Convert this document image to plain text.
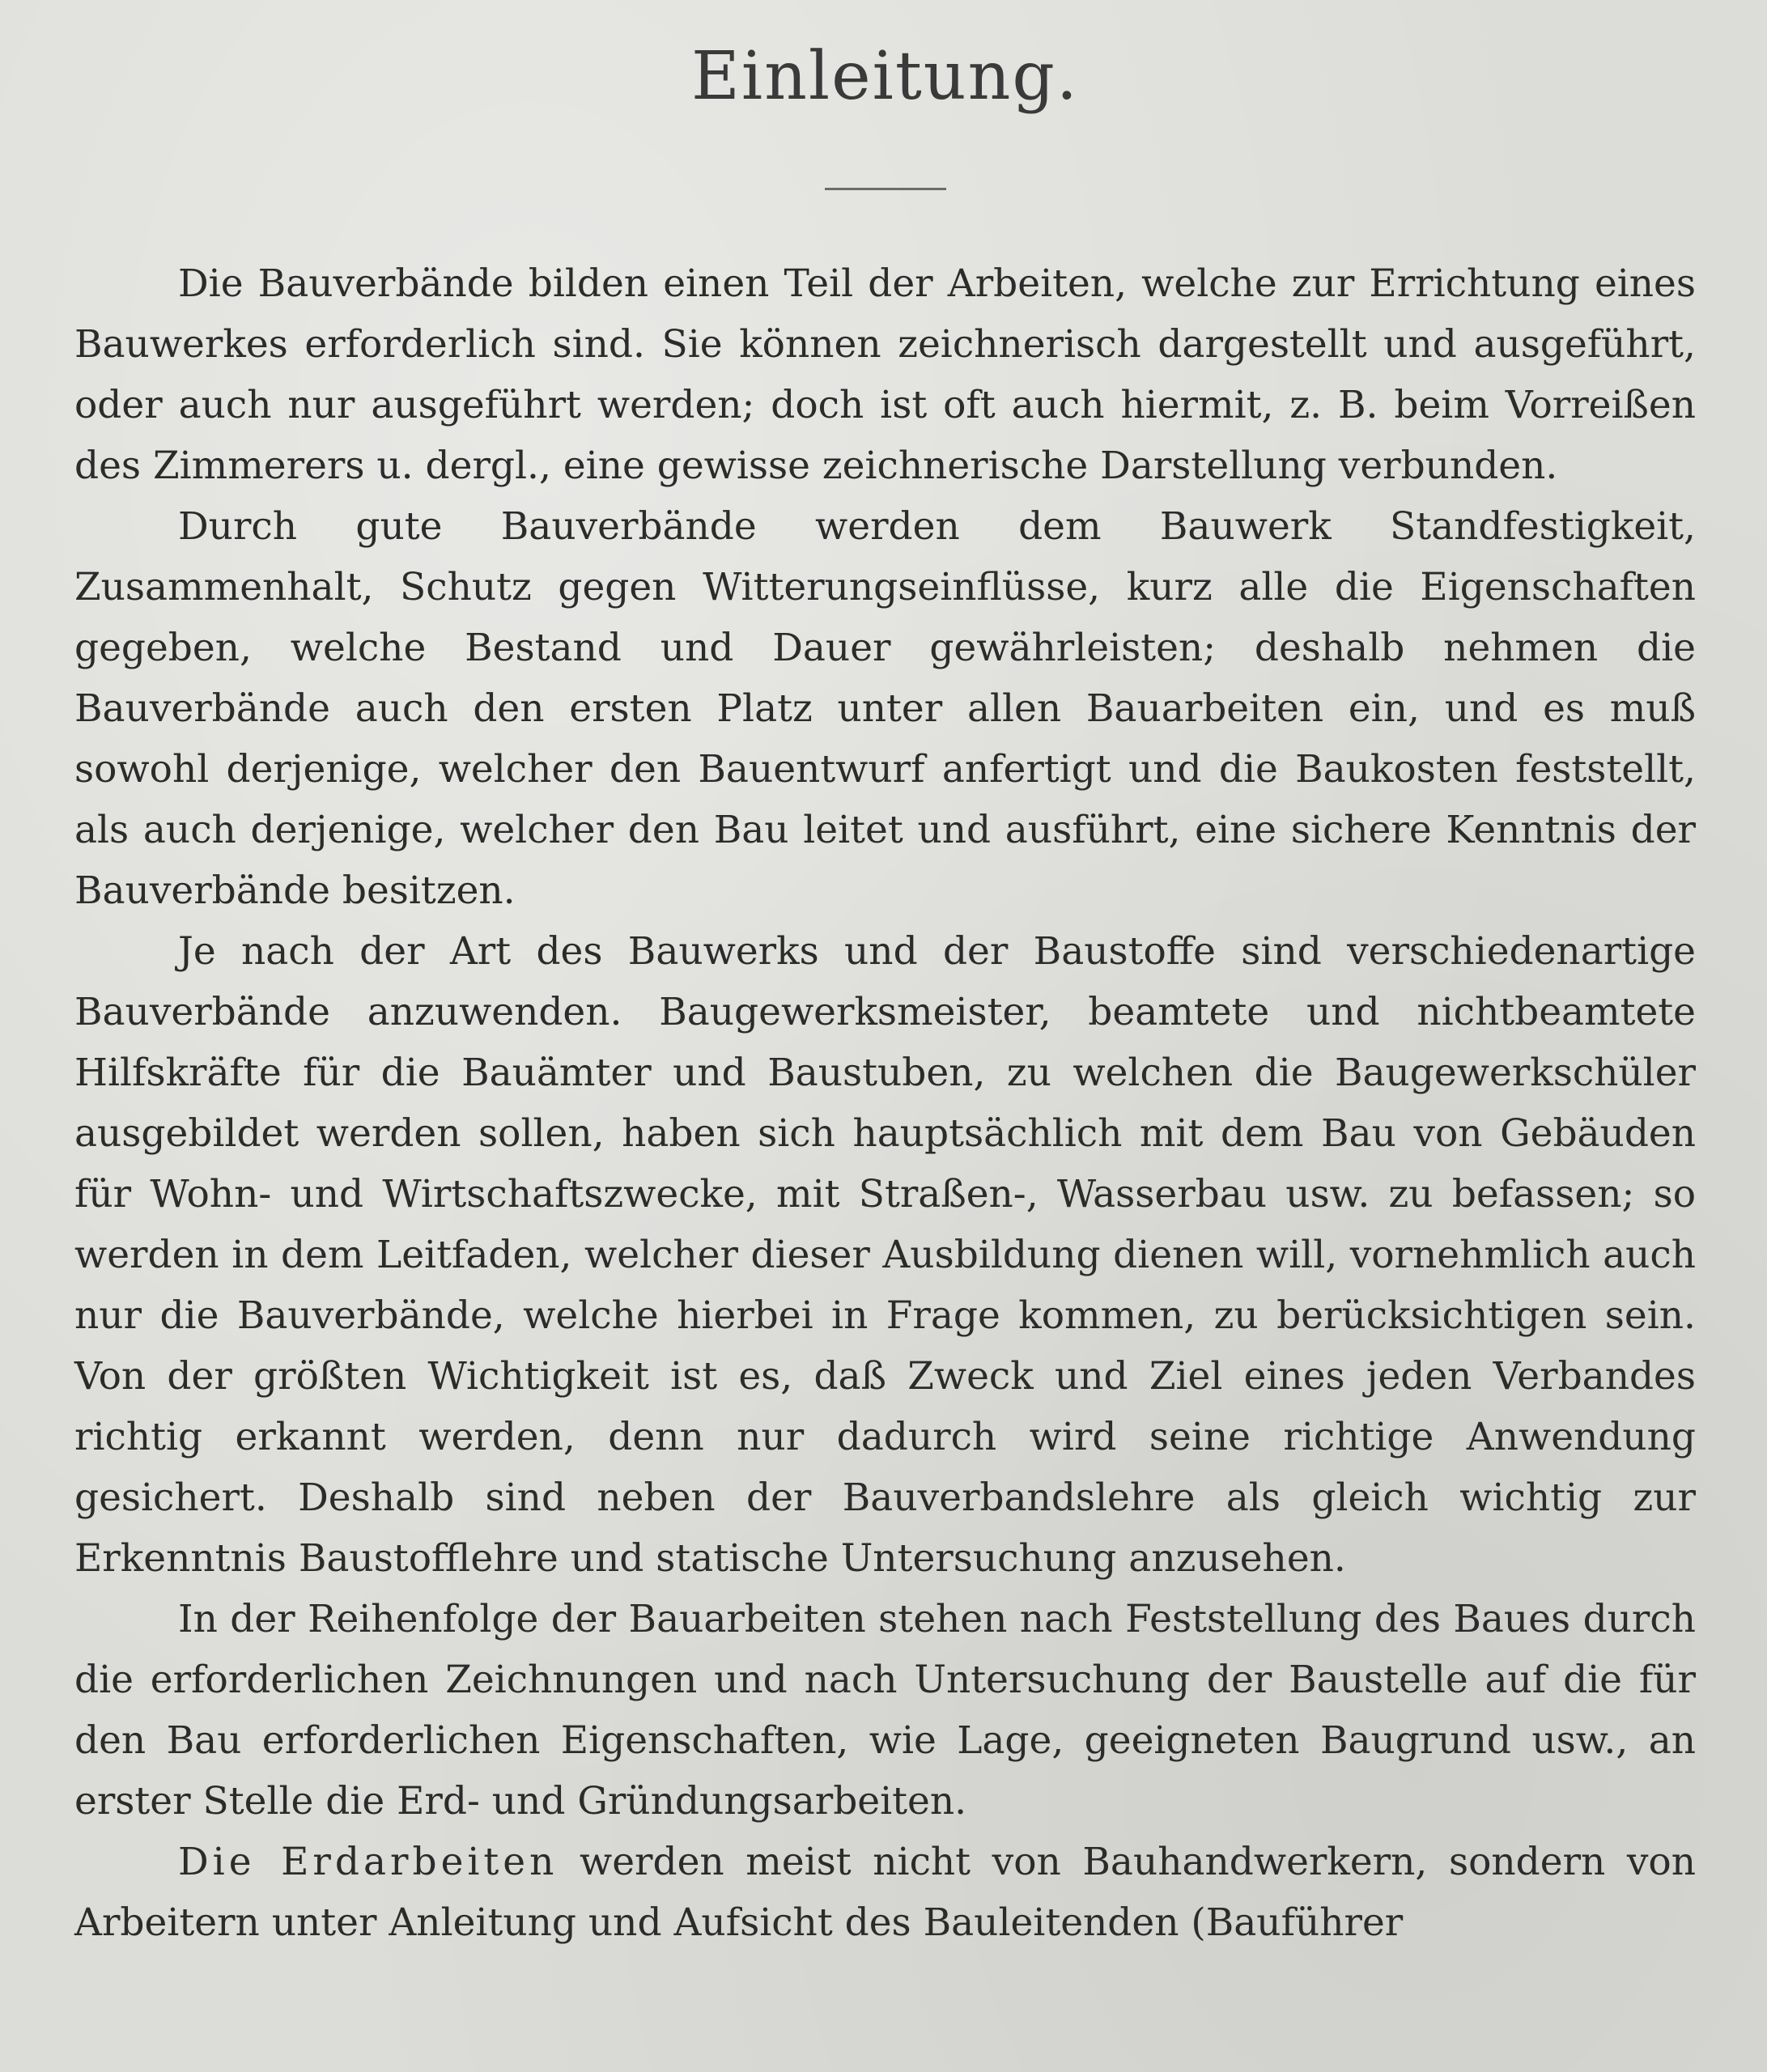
Einleitung.

Die Bauverbände bilden einen Teil der Arbeiten, welche zur Errichtung eines Bauwerkes erforderlich sind. Sie können zeichnerisch dargestellt und ausgeführt, oder auch nur ausgeführt werden; doch ist oft auch hiermit, z. B. beim Vorreißen des Zimmerers u. dergl., eine gewisse zeichnerische Darstellung verbunden.

Durch gute Bauverbände werden dem Bauwerk Standfestigkeit, Zusammenhalt, Schutz gegen Witterungseinflüsse, kurz alle die Eigenschaften gegeben, welche Bestand und Dauer gewährleisten; deshalb nehmen die Bauverbände auch den ersten Platz unter allen Bauarbeiten ein, und es muß sowohl derjenige, welcher den Bauentwurf anfertigt und die Baukosten feststellt, als auch derjenige, welcher den Bau leitet und ausführt, eine sichere Kenntnis der Bauverbände besitzen.

Je nach der Art des Bauwerks und der Baustoffe sind verschiedenartige Bauverbände anzuwenden. Baugewerksmeister, beamtete und nichtbeamtete Hilfskräfte für die Bauämter und Baustuben, zu welchen die Baugewerkschüler ausgebildet werden sollen, haben sich hauptsächlich mit dem Bau von Gebäuden für Wohn- und Wirtschaftszwecke, mit Straßen-, Wasserbau usw. zu befassen; so werden in dem Leitfaden, welcher dieser Ausbildung dienen will, vornehmlich auch nur die Bauverbände, welche hierbei in Frage kommen, zu berücksichtigen sein. Von der größten Wichtigkeit ist es, daß Zweck und Ziel eines jeden Verbandes richtig erkannt werden, denn nur dadurch wird seine richtige Anwendung gesichert. Deshalb sind neben der Bauverbandslehre als gleich wichtig zur Erkenntnis Baustofflehre und statische Untersuchung anzusehen.

In der Reihenfolge der Bauarbeiten stehen nach Feststellung des Baues durch die erforderlichen Zeichnungen und nach Untersuchung der Baustelle auf die für den Bau erforderlichen Eigenschaften, wie Lage, geeigneten Baugrund usw., an erster Stelle die Erd- und Gründungsarbeiten.

Die Erdarbeiten werden meist nicht von Bauhandwerkern, sondern von Arbeitern unter Anleitung und Aufsicht des Bauleitenden (Bauführer
